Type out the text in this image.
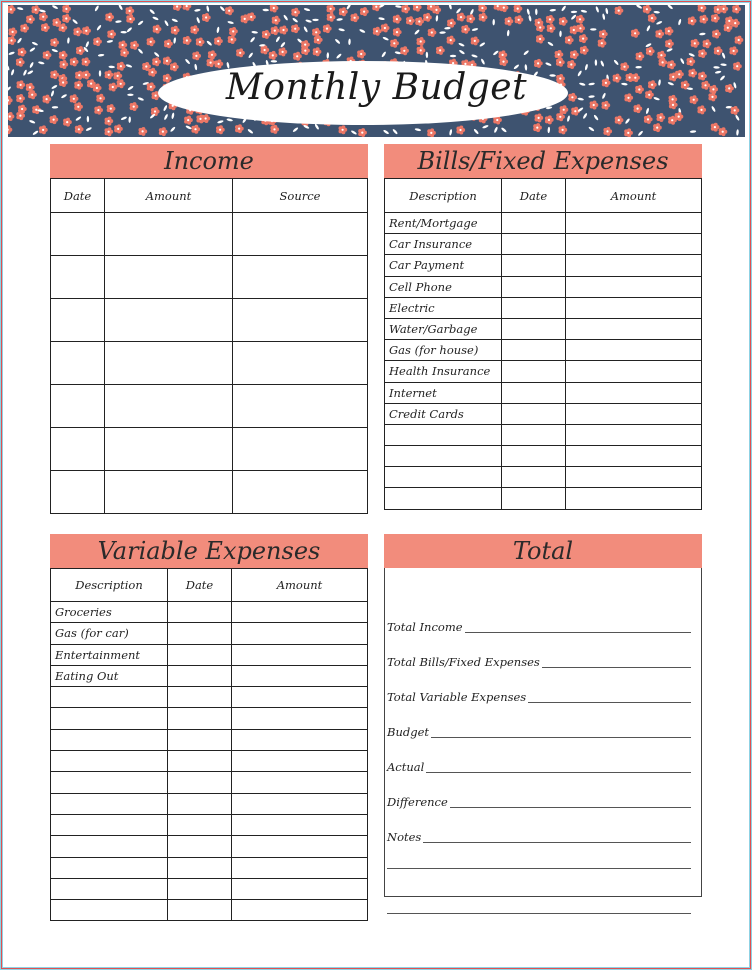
Monthly Budget
Income
Date	Amount	Source

Bills/Fixed Expenses
Description	Date	Amount
Rent/Mortgage		
Car Insurance		
Car Payment		
Cell Phone		
Electric		
Water/Garbage		
Gas (for house)		
Health Insurance		
Internet		
Credit Cards		

Variable Expenses
Description	Date	Amount
Groceries		
Gas (for car)		
Entertainment		
Eating Out		

Total
Total Income
Total Bills/Fixed Expenses
Total Variable Expenses
Budget
Actual
Difference
Notes
